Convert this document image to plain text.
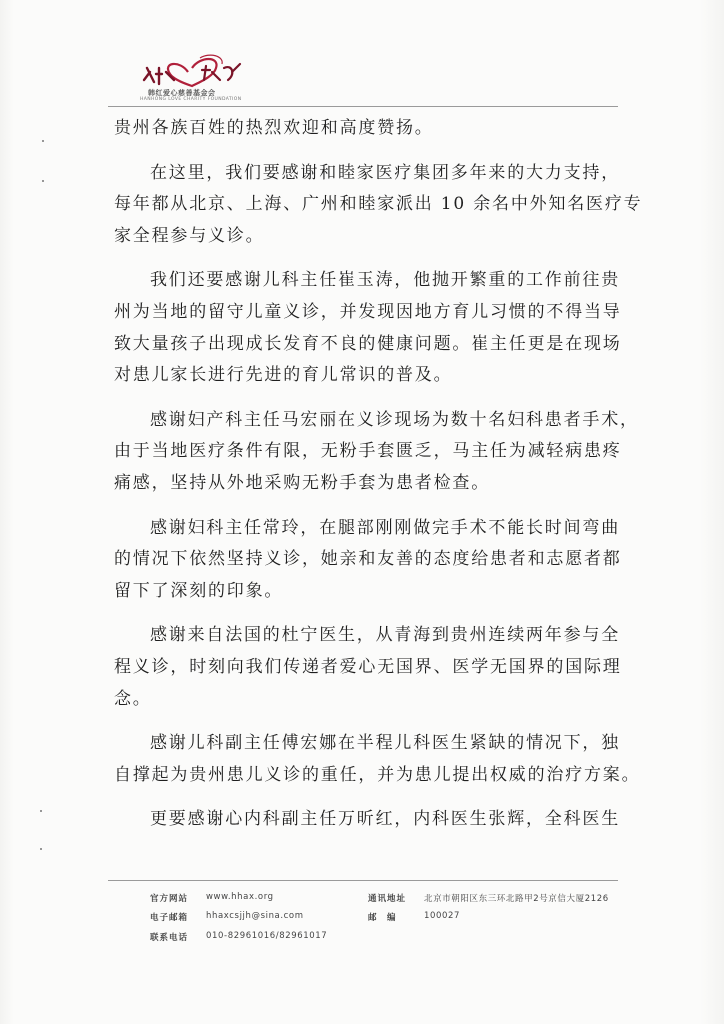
韩红爱心慈善基金会
HANHONG LOVE CHARITY FOUNDATION

贵州各族百姓的热烈欢迎和高度赞扬。

在这里，我们要感谢和睦家医疗集团多年来的大力支持，

每年都从北京、上海、广州和睦家派出 10 余名中外知名医疗专

家全程参与义诊。

我们还要感谢儿科主任崔玉涛，他抛开繁重的工作前往贵

州为当地的留守儿童义诊，并发现因地方育儿习惯的不得当导

致大量孩子出现成长发育不良的健康问题。崔主任更是在现场

对患儿家长进行先进的育儿常识的普及。

感谢妇产科主任马宏丽在义诊现场为数十名妇科患者手术，

由于当地医疗条件有限，无粉手套匮乏，马主任为减轻病患疼

痛感，坚持从外地采购无粉手套为患者检查。

感谢妇科主任常玲，在腿部刚刚做完手术不能长时间弯曲

的情况下依然坚持义诊，她亲和友善的态度给患者和志愿者都

留下了深刻的印象。

感谢来自法国的杜宁医生，从青海到贵州连续两年参与全

程义诊，时刻向我们传递者爱心无国界、医学无国界的国际理

念。

感谢儿科副主任傅宏娜在半程儿科医生紧缺的情况下，独

自撑起为贵州患儿义诊的重任，并为患儿提出权威的治疗方案。

更要感谢心内科副主任万昕红，内科医生张辉，全科医生

官方网站 www.hhax.org
电子邮箱 hhaxcsjjh@sina.com
联系电话 010-82961016/82961017
通讯地址 北京市朝阳区东三环北路甲2号京信大厦2126
邮　编	100027
